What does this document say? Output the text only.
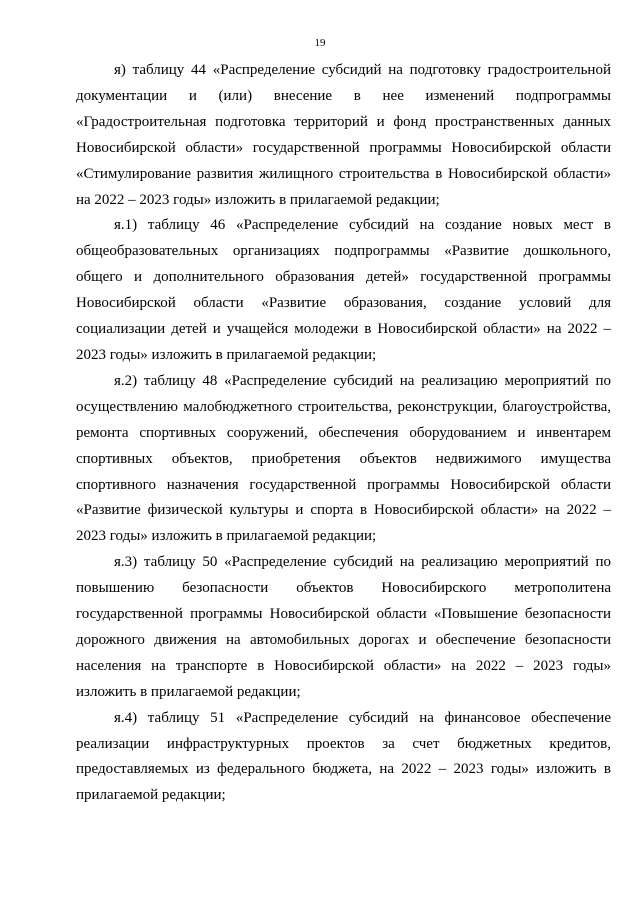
19

я) таблицу 44 «Распределение субсидий на подготовку градостроительной документации и (или) внесение в нее изменений подпрограммы «Градостроительная подготовка территорий и фонд пространственных данных Новосибирской области» государственной программы Новосибирской области «Стимулирование развития жилищного строительства в Новосибирской области» на 2022 – 2023 годы» изложить в прилагаемой редакции;

я.1) таблицу 46 «Распределение субсидий на создание новых мест в общеобразовательных организациях подпрограммы «Развитие дошкольного, общего и дополнительного образования детей» государственной программы Новосибирской области «Развитие образования, создание условий для социализации детей и учащейся молодежи в Новосибирской области» на 2022 – 2023 годы» изложить в прилагаемой редакции;

я.2) таблицу 48 «Распределение субсидий на реализацию мероприятий по осуществлению малобюджетного строительства, реконструкции, благоустройства, ремонта спортивных сооружений, обеспечения оборудованием и инвентарем спортивных объектов, приобретения объектов недвижимого имущества спортивного назначения государственной программы Новосибирской области «Развитие физической культуры и спорта в Новосибирской области» на 2022 – 2023 годы» изложить в прилагаемой редакции;

я.3) таблицу 50 «Распределение субсидий на реализацию мероприятий по повышению безопасности объектов Новосибирского метрополитена государственной программы Новосибирской области «Повышение безопасности дорожного движения на автомобильных дорогах и обеспечение безопасности населения на транспорте в Новосибирской области» на 2022 – 2023 годы» изложить в прилагаемой редакции;

я.4) таблицу 51 «Распределение субсидий на финансовое обеспечение реализации инфраструктурных проектов за счет бюджетных кредитов, предоставляемых из федерального бюджета, на 2022 – 2023 годы» изложить в прилагаемой редакции;
